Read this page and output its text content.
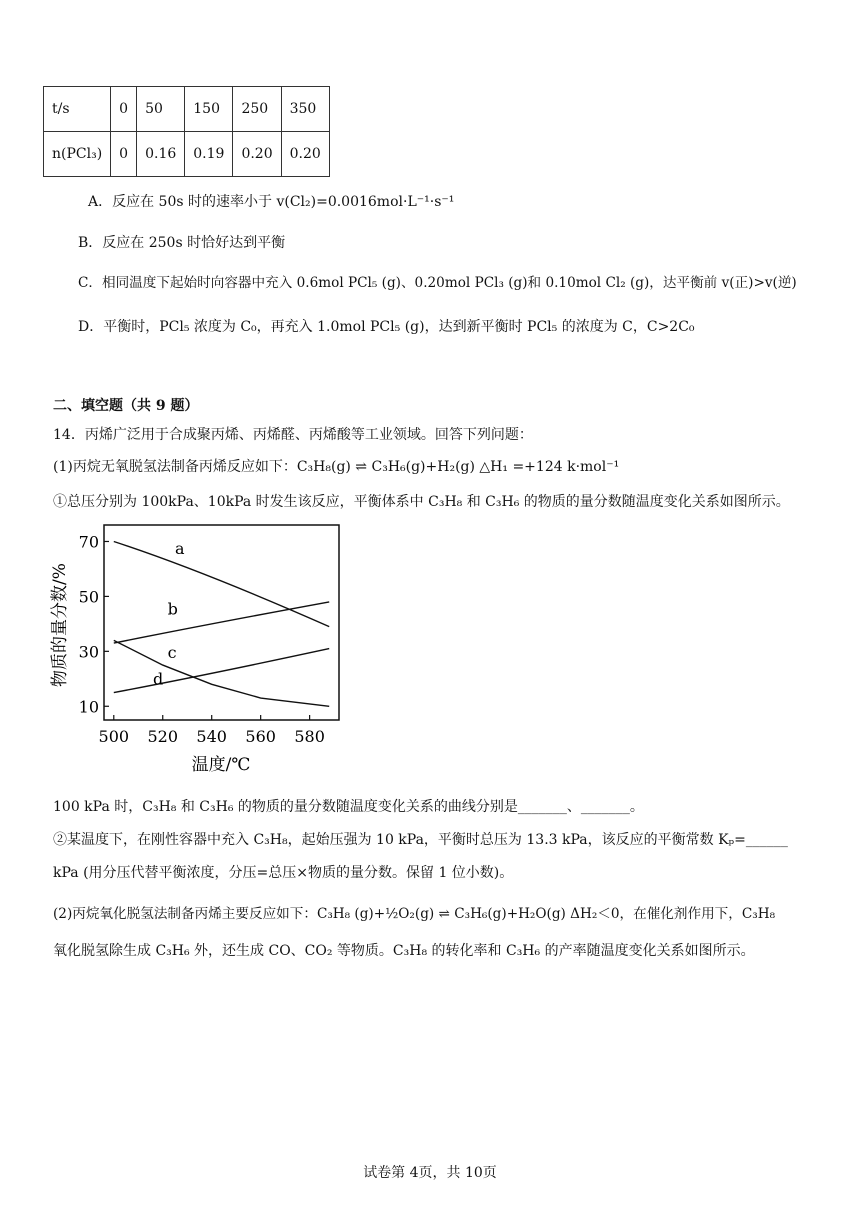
t/s	0	50	150	250	350
n(PCl₃)	0	0.16	0.19	0.20	0.20
A．反应在 50s 时的速率小于 v(Cl₂)=0.0016mol·L⁻¹·s⁻¹
B．反应在 250s 时恰好达到平衡
C．相同温度下起始时向容器中充入 0.6mol PCl₅ (g)、0.20mol PCl₃ (g)和 0.10mol Cl₂ (g)，达平衡前 v(正)>v(逆)
D．平衡时，PCl₅ 浓度为 C₀，再充入 1.0mol PCl₅ (g)，达到新平衡时 PCl₅ 的浓度为 C，C>2C₀
二、填空题（共 9 题）
14．丙烯广泛用于合成聚丙烯、丙烯醛、丙烯酸等工业领域。回答下列问题：
(1)丙烷无氧脱氢法制备丙烯反应如下：C₃H₈(g) ⇌ C₃H₆(g)+H₂(g) △H₁ =+124 k·mol⁻¹
①总压分别为 100kPa、10kPa 时发生该反应，平衡体系中 C₃H₈ 和 C₃H₆ 的物质的量分数随温度变化关系如图所示。
a
b
c
d
500 520 540 560 580
10
30
50
70
温度/℃
物质的量分数/%
100 kPa 时，C₃H₈ 和 C₃H₆ 的物质的量分数随温度变化关系的曲线分别是_______、_______。
②某温度下，在刚性容器中充入 C₃H₈，起始压强为 10 kPa，平衡时总压为 13.3 kPa，该反应的平衡常数 Kₚ=______
kPa (用分压代替平衡浓度，分压=总压×物质的量分数。保留 1 位小数)。
(2)丙烷氧化脱氢法制备丙烯主要反应如下：C₃H₈ (g)+½O₂(g) ⇌ C₃H₆(g)+H₂O(g) ΔH₂＜0，在催化剂作用下，C₃H₈
氧化脱氢除生成 C₃H₆ 外，还生成 CO、CO₂ 等物质。C₃H₈ 的转化率和 C₃H₆ 的产率随温度变化关系如图所示。
试卷第 4页，共 10页
